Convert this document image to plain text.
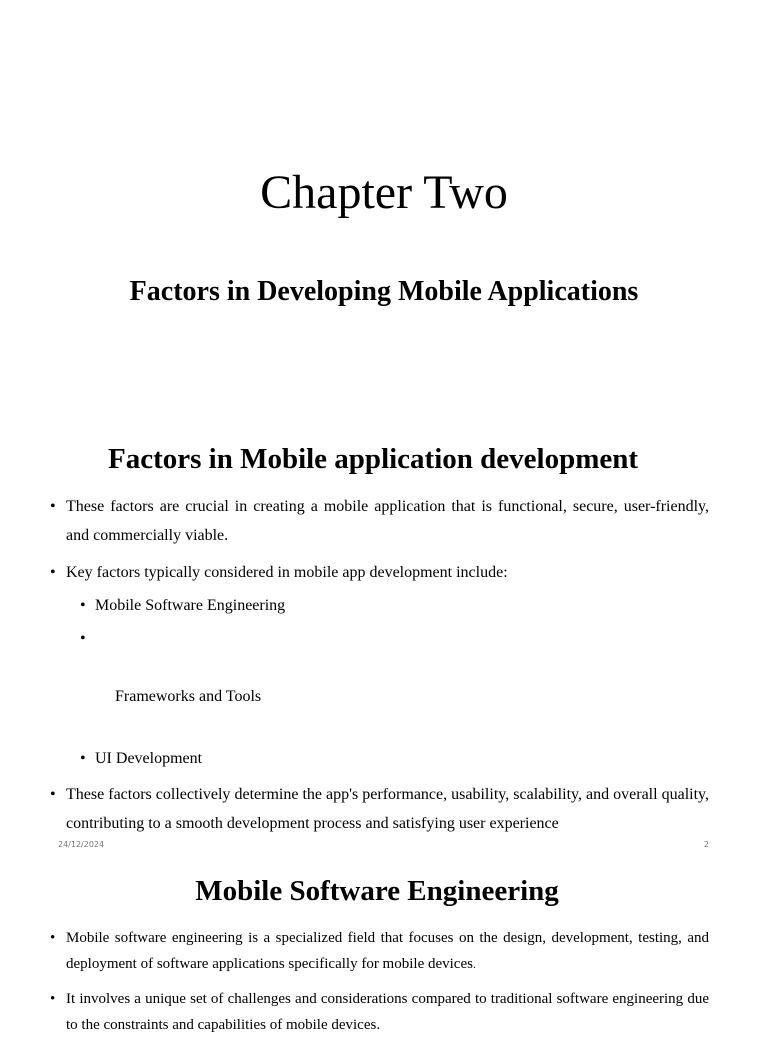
Chapter Two
Factors in Developing Mobile Applications
Factors in Mobile application development
• These factors are crucial in creating a mobile application that is functional, secure, user-friendly, and commercially viable.
• Key factors typically considered in mobile app development include:
• Mobile Software Engineering

•

Frameworks and Tools

• UI Development
• These factors collectively determine the app's performance, usability, scalability, and overall quality, contributing to a smooth development process and satisfying user experience
24/12/2024	2
Mobile Software Engineering
• Mobile software engineering is a specialized field that focuses on the design, development, testing, and deployment of software applications specifically for mobile devices.
• It involves a unique set of challenges and considerations compared to traditional software engineering due to the constraints and capabilities of mobile devices.
